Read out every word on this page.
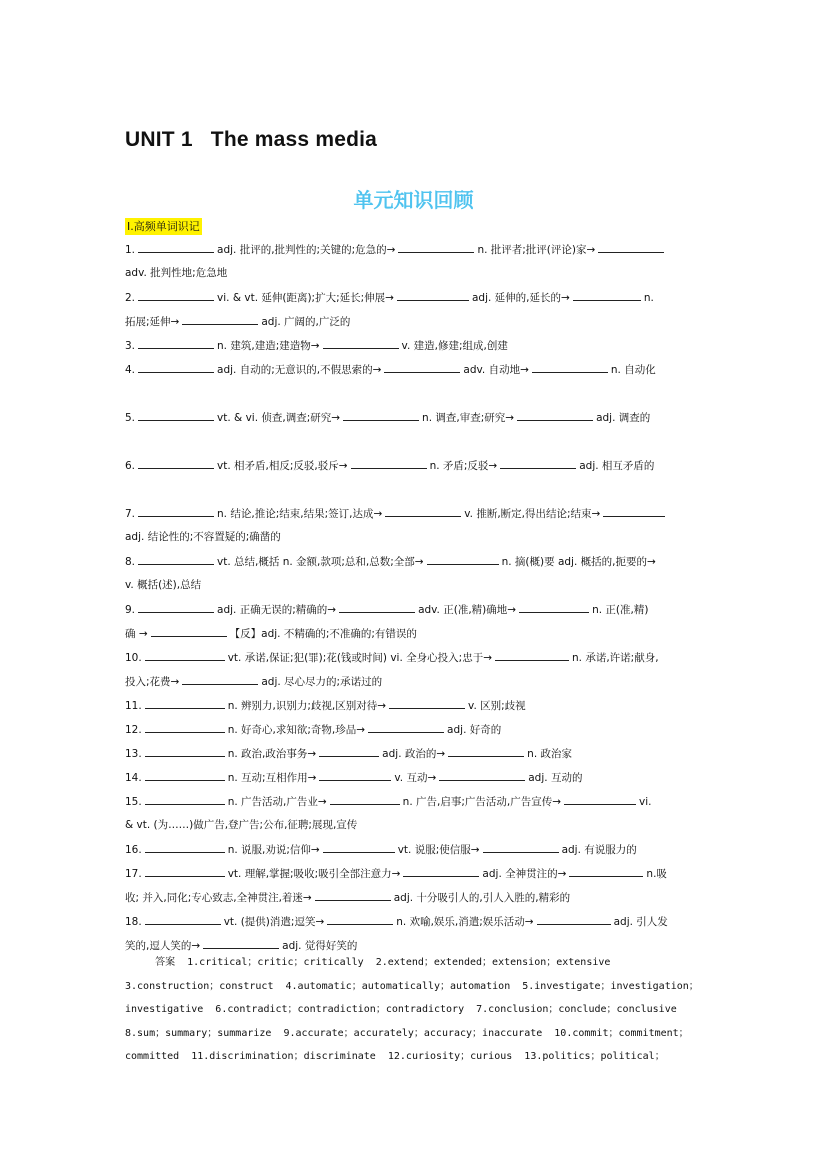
UNIT 1   The mass media
单元知识回顾
Ⅰ.高频单词识记
1.	adj. 批评的,批判性的;关键的;危急的→	n. 批评者;批评(评论)家→
adv. 批判性地;危急地
2.	vi. & vt. 延伸(距离);扩大;延长;伸展→	adj. 延伸的,延长的→	n.
拓展;延伸→	adj. 广阔的,广泛的
3.	n. 建筑,建造;建造物→	v. 建造,修建;组成,创建
4.	adj. 自动的;无意识的,不假思索的→	adv. 自动地→	n. 自动化
5.	vt. & vi. 侦查,调查;研究→	n. 调查,审查;研究→	adj. 调查的
6.	vt. 相矛盾,相反;反驳,驳斥→	n. 矛盾;反驳→	adj. 相互矛盾的
7.	n. 结论,推论;结束,结果;签订,达成→	v. 推断,断定,得出结论;结束→
adj. 结论性的;不容置疑的;确凿的
8.	vt. 总结,概括 n. 金额,款项;总和,总数;全部→	n. 摘(概)要 adj. 概括的,扼要的→
v. 概括(述),总结
9.	adj. 正确无误的;精确的→	adv. 正(准,精)确地→	n. 正(准,精)
确 →	【反】adj. 不精确的;不准确的;有错误的
10.	vt. 承诺,保证;犯(罪);花(钱或时间) vi. 全身心投入;忠于→	n. 承诺,许诺;献身,
投入;花费→	adj. 尽心尽力的;承诺过的
11.	n. 辨别力,识别力;歧视,区别对待→	v. 区别;歧视
12.	n. 好奇心,求知欲;奇物,珍品→	adj. 好奇的
13.	n. 政治,政治事务→	adj. 政治的→	n. 政治家
14.	n. 互动;互相作用→	v. 互动→	adj. 互动的
15.	n. 广告活动,广告业→	n. 广告,启事;广告活动,广告宣传→	vi.
& vt. (为……)做广告,登广告;公布,征聘;展现,宣传
16.	n. 说服,劝说;信仰→	vt. 说服;使信服→	adj. 有说服力的
17.	vt. 理解,掌握;吸收;吸引全部注意力→	adj. 全神贯注的→	n.吸
收; 并入,同化;专心致志,全神贯注,着迷→	adj. 十分吸引人的,引人入胜的,精彩的
18.	vt. (提供)消遣;逗笑→	n. 欢喻,娱乐,消遣;娱乐活动→	adj. 引人发
笑的,逗人笑的→	adj. 觉得好笑的
答案  1.critical；critic；critically  2.extend；extended；extension；extensive
3.construction；construct  4.automatic；automatically；automation  5.investigate；investigation；
investigative  6.contradict；contradiction；contradictory  7.conclusion；conclude；conclusive
8.sum；summary；summarize  9.accurate；accurately；accuracy；inaccurate  10.commit；commitment；
committed  11.discrimination；discriminate  12.curiosity；curious  13.politics；political；
